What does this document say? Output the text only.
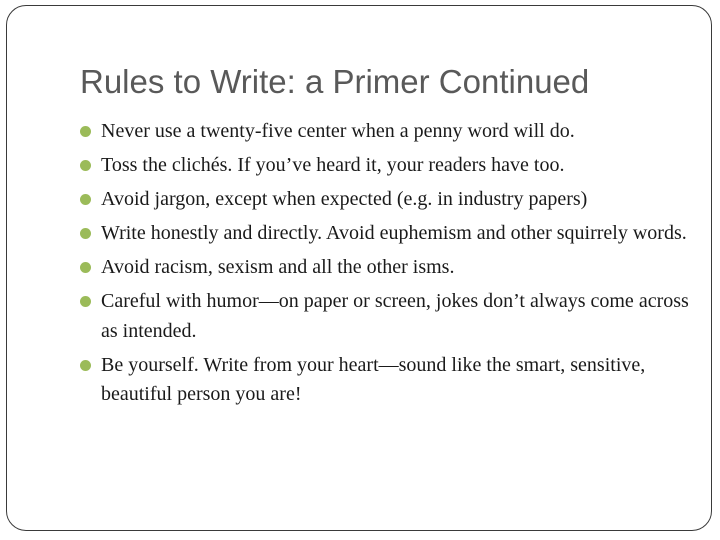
Rules to Write: a Primer Continued
Never use a twenty-five center when a penny word will do.
Toss the clichés. If you’ve heard it, your readers have too.
Avoid jargon, except when expected (e.g. in industry papers)
Write honestly and directly. Avoid euphemism and other squirrely words.
Avoid racism, sexism and all the other isms.
Careful with humor—on paper or screen, jokes don’t always come across as intended.
Be yourself. Write from your heart—sound like the smart, sensitive, beautiful person you are!
